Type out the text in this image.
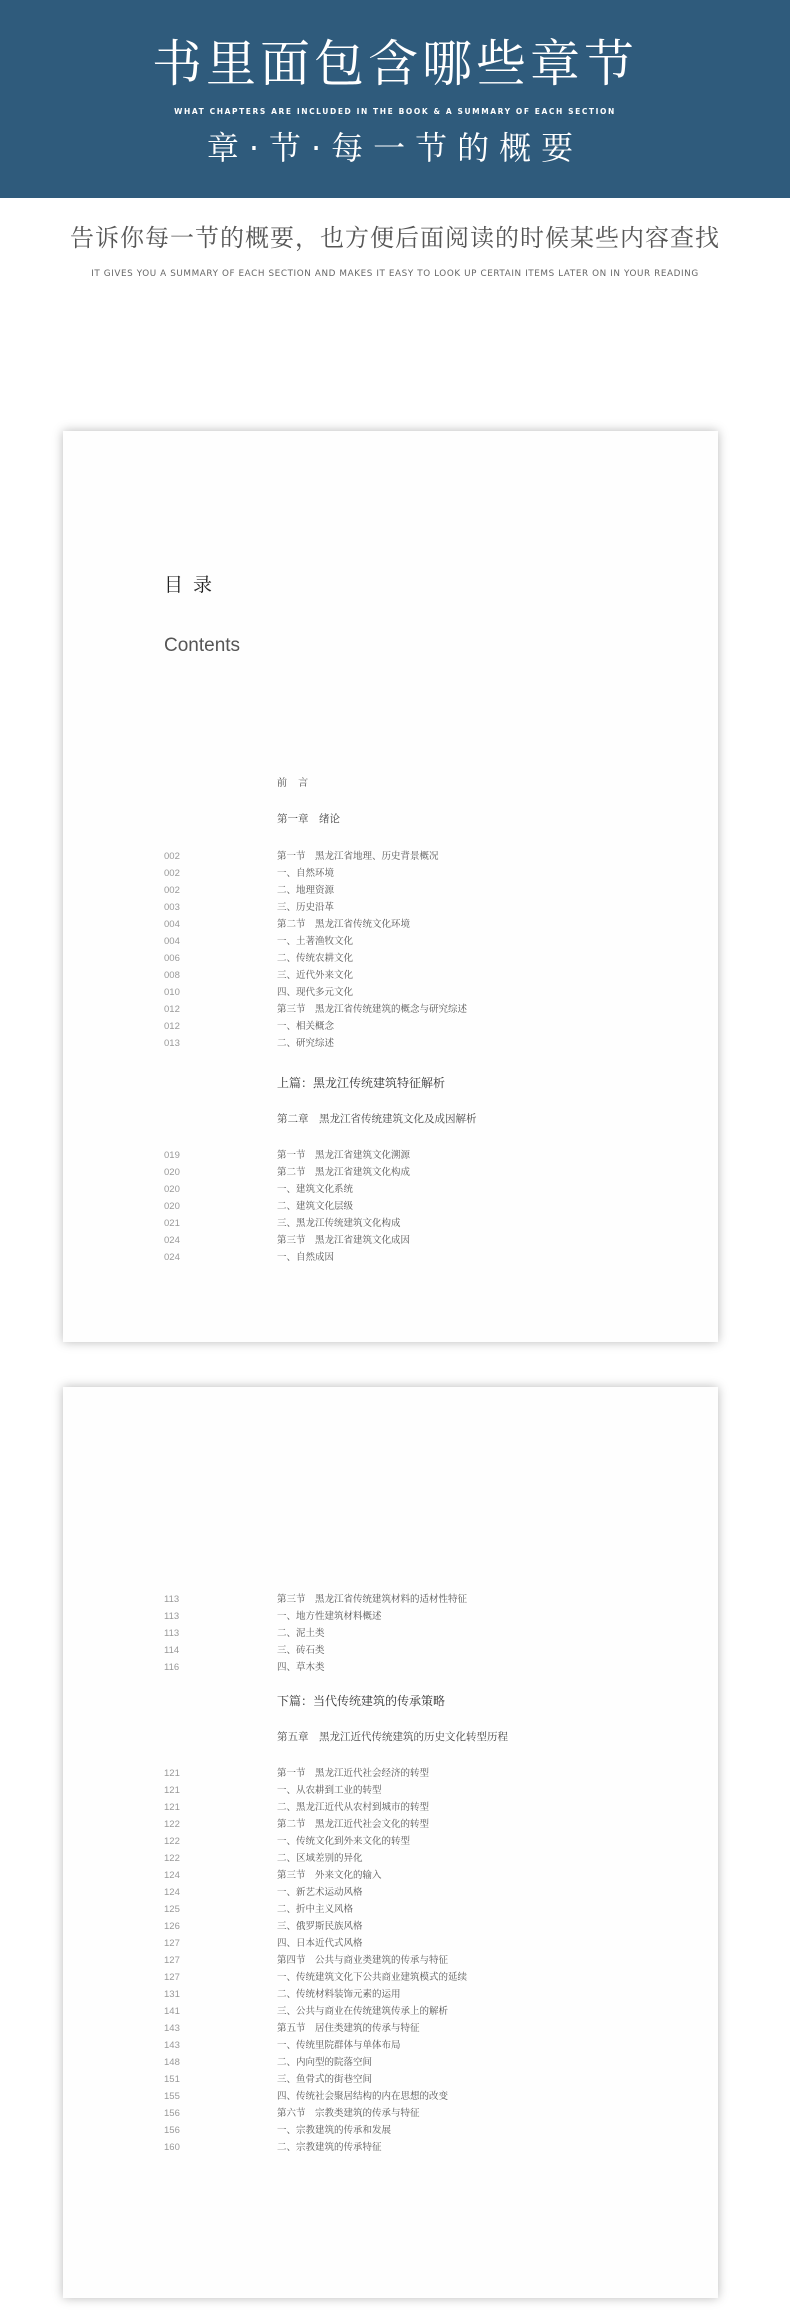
书里面包含哪些章节
WHAT CHAPTERS ARE INCLUDED IN THE BOOK & A SUMMARY OF EACH SECTION
章·节·每一节的概要
告诉你每一节的概要，也方便后面阅读的时候某些内容查找
IT GIVES YOU A SUMMARY OF EACH SECTION AND MAKES IT EASY TO LOOK UP CERTAIN ITEMS LATER ON IN YOUR READING
目 录
Contents
前 言
第一章　绪论
002	第一节　黑龙江省地理、历史背景概况
002	一、自然环境
002	二、地理资源
003	三、历史沿革
004	第二节　黑龙江省传统文化环境
004	一、土著渔牧文化
006	二、传统农耕文化
008	三、近代外来文化
010	四、现代多元文化
012	第三节　黑龙江省传统建筑的概念与研究综述
012	一、相关概念
013	二、研究综述
上篇：黑龙江传统建筑特征解析
第二章　黑龙江省传统建筑文化及成因解析
019	第一节　黑龙江省建筑文化溯源
020	第二节　黑龙江省建筑文化构成
020	一、建筑文化系统
020	二、建筑文化层级
021	三、黑龙江传统建筑文化构成
024	第三节　黑龙江省建筑文化成因
024	一、自然成因
113	第三节　黑龙江省传统建筑材料的适材性特征
113	一、地方性建筑材料概述
113	二、泥土类
114	三、砖石类
116	四、草木类
下篇：当代传统建筑的传承策略
第五章　黑龙江近代传统建筑的历史文化转型历程
121	第一节　黑龙江近代社会经济的转型
121	一、从农耕到工业的转型
121	二、黑龙江近代从农村到城市的转型
122	第二节　黑龙江近代社会文化的转型
122	一、传统文化到外来文化的转型
122	二、区域差别的异化
124	第三节　外来文化的输入
124	一、新艺术运动风格
125	二、折中主义风格
126	三、俄罗斯民族风格
127	四、日本近代式风格
127	第四节　公共与商业类建筑的传承与特征
127	一、传统建筑文化下公共商业建筑模式的延续
131	二、传统材料装饰元素的运用
141	三、公共与商业在传统建筑传承上的解析
143	第五节　居住类建筑的传承与特征
143	一、传统里院群体与单体布局
148	二、内向型的院落空间
151	三、鱼骨式的街巷空间
155	四、传统社会聚居结构的内在思想的改变
156	第六节　宗教类建筑的传承与特征
156	一、宗教建筑的传承和发展
160	二、宗教建筑的传承特征
